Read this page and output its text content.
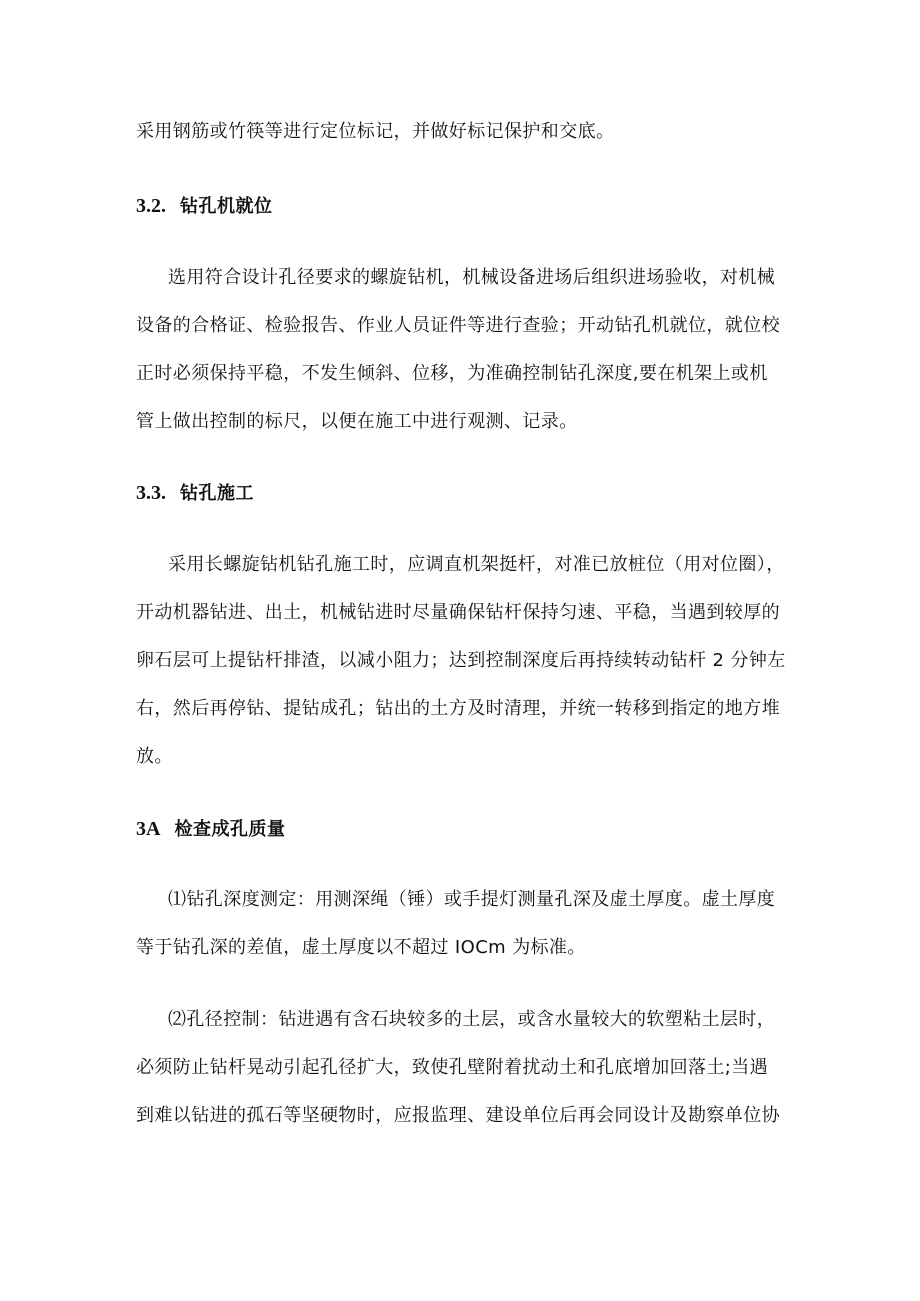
采用钢筋或竹筷等进行定位标记，并做好标记保护和交底。
3.2. 钻孔机就位
选用符合设计孔径要求的螺旋钻机，机械设备进场后组织进场验收，对机械
设备的合格证、检验报告、作业人员证件等进行查验；开动钻孔机就位，就位校
正时必须保持平稳，不发生倾斜、位移，为准确控制钻孔深度,要在机架上或机
管上做出控制的标尺，以便在施工中进行观测、记录。
3.3. 钻孔施工
采用长螺旋钻机钻孔施工时，应调直机架挺杆，对准已放桩位（用对位圈），
开动机器钻进、出土，机械钻进时尽量确保钻杆保持匀速、平稳，当遇到较厚的
卵石层可上提钻杆排渣，以减小阻力；达到控制深度后再持续转动钻杆 2 分钟左
右，然后再停钻、提钻成孔；钻出的土方及时清理，并统一转移到指定的地方堆
放。
3A 检查成孔质量
⑴钻孔深度测定：用测深绳（锤）或手提灯测量孔深及虚土厚度。虚土厚度
等于钻孔深的差值，虚土厚度以不超过 IOCm 为标准。
⑵孔径控制：钻进遇有含石块较多的土层，或含水量较大的软塑粘土层时，
必须防止钻杆晃动引起孔径扩大，致使孔壁附着扰动土和孔底增加回落土;当遇
到难以钻进的孤石等坚硬物时，应报监理、建设单位后再会同设计及勘察单位协
